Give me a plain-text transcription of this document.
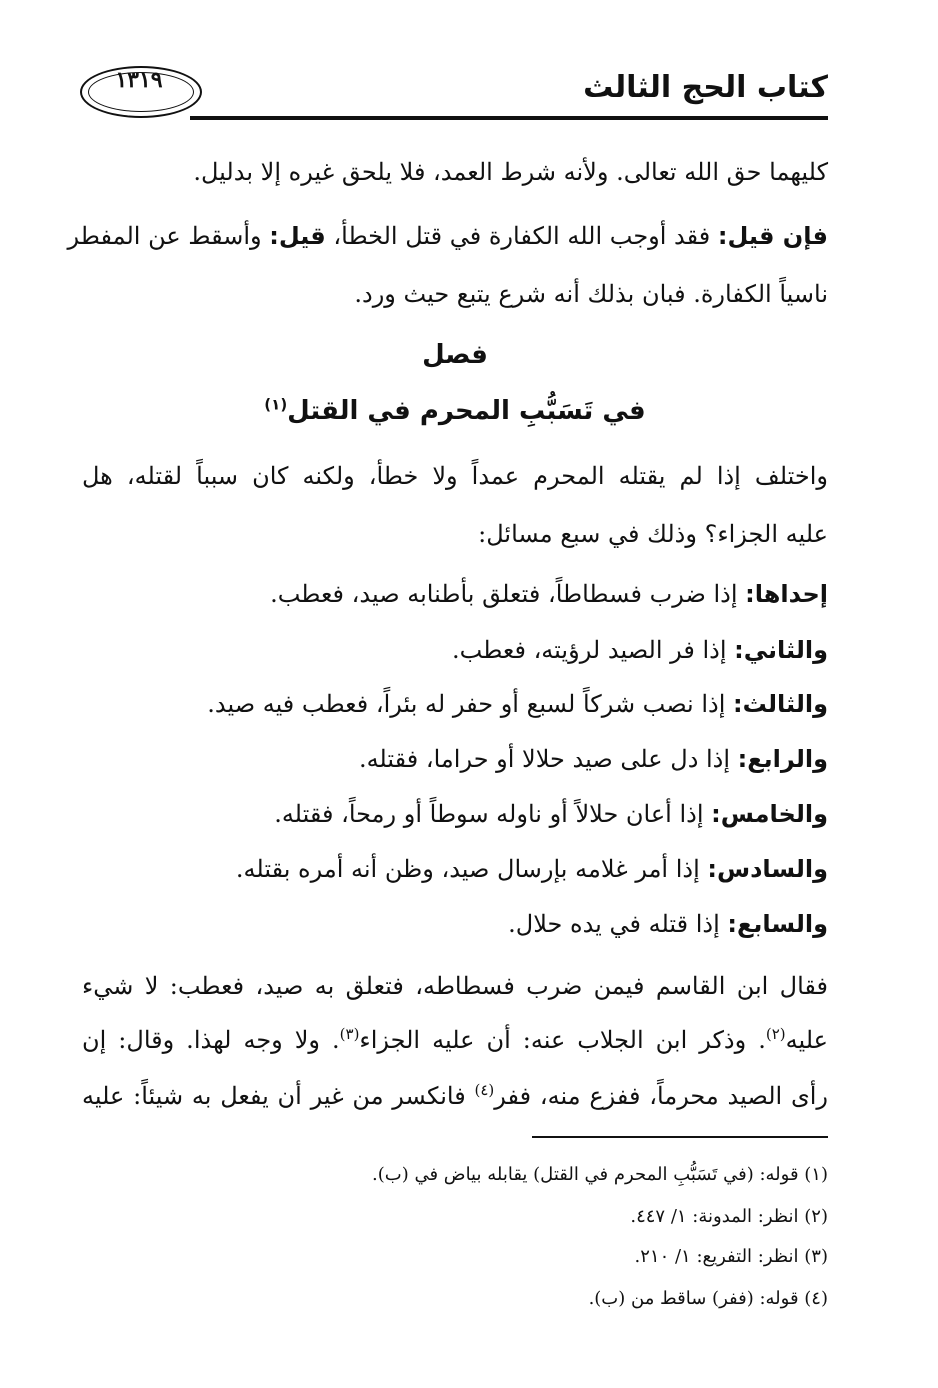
كتاب الحج الثالث
١٣١٩
كليهما حق الله تعالى. ولأنه شرط العمد، فلا يلحق غيره إلا بدليل.
فإن قيل: فقد أوجب الله الكفارة في قتل الخطأ، قيل: وأسقط عن المفطر
ناسياً الكفارة. فبان بذلك أنه شرع يتبع حيث ورد.
فصل
في تَسَبُّبِ المحرم في القتل$^{(١)}$
واختلف إذا لم يقتله المحرم عمداً ولا خطأ، ولكنه كان سبباً لقتله، هل
عليه الجزاء؟ وذلك في سبع مسائل:
إحداها: إذا ضرب فسطاطاً، فتعلق بأطنابه صيد، فعطب.
والثاني: إذا فر الصيد لرؤيته، فعطب.
والثالث: إذا نصب شركاً لسبع أو حفر له بئراً، فعطب فيه صيد.
والرابع: إذا دل على صيد حلالا أو حراما، فقتله.
والخامس: إذا أعان حلالاً أو ناوله سوطاً أو رمحاً، فقتله.
والسادس: إذا أمر غلامه بإرسال صيد، وظن أنه أمره بقتله.
والسابع: إذا قتله في يده حلال.
فقال ابن القاسم فيمن ضرب فسطاطه، فتعلق به صيد، فعطب: لا شيء
عليه$^{(٢)}$. وذكر ابن الجلاب عنه: أن عليه الجزاء$^{(٣)}$. ولا وجه لهذا. وقال: إن
رأى الصيد محرماً، ففزع منه، ففر$^{(٤)}$ فانكسر من غير أن يفعل به شيئاً: عليه
(١) قوله: (في تَسَبُّبِ المحرم في القتل) يقابله بياض في (ب).
(٢) انظر: المدونة: ١/ ٤٤٧.
(٣) انظر: التفريع: ١/ ٢١٠.
(٤) قوله: (ففر) ساقط من (ب).
